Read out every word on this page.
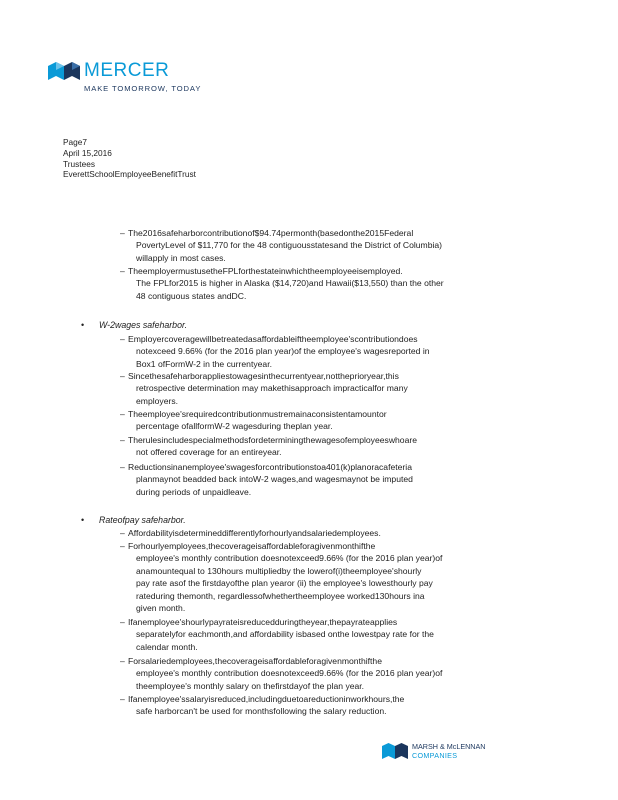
MERCER
MAKE TOMORROW, TODAY
Page7
April 15,2016
Trustees
EverettSchoolEmployeeBenefitTrust
– The2016safeharborcontributionof$94.74permonth(basedonthe2015Federal
PovertyLevel of $11,770 for the 48 contiguousstatesand the District of Columbia)
willapply in most cases.
– TheemployermustusetheFPLforthestateinwhichtheemployeeisemployed.
The FPLfor2015 is higher in Alaska ($14,720)and Hawaii($13,550) than the other
48 contiguous states andDC.
• W-2wages safeharbor.
– Employercoveragewillbetreatedasaffordableiftheemployee'scontributiondoes
notexceed 9.66% (for the 2016 plan year)of the employee's wagesreported in
Box1 ofFormW-2 in the currentyear.
– Sincethesafeharborappliestowagesinthecurrentyear,nottheprioryear,this
retrospective determination may makethisapproach impracticalfor many
employers.
– Theemployee'srequiredcontributionmustremainaconsistentamountor
percentage ofallformW-2 wagesduring theplan year.
– Therulesincludespecialmethodsfordeterminingthewagesofemployeeswhoare
not offered coverage for an entireyear.
– Reductionsinanemployee'swagesforcontributionstoa401(k)planoracafeteria
planmaynot beadded back intoW-2 wages,and wagesmaynot be imputed
during periods of unpaidleave.
• Rateofpay safeharbor.
– Affordabilityisdetermineddifferentlyforhourlyandsalariedemployees.
– Forhourlyemployees,thecoverageisaffordableforagivenmonthifthe
employee's monthly contribution doesnotexceed9.66% (for the 2016 plan year)of
anamountequal to 130hours multipliedby the lowerof(i)theemployee'shourly
pay rate asof the firstdayofthe plan yearor (ii) the employee's lowesthourly pay
rateduring themonth, regardlessofwhethertheemployee worked130hours ina
given month.
– Ifanemployee'shourlypayrateisreducedduringtheyear,thepayrateapplies
separatelyfor eachmonth,and affordability isbased onthe lowestpay rate for the
calendar month.
– Forsalariedemployees,thecoverageisaffordableforagivenmonthifthe
employee's monthly contribution doesnotexceed9.66% (for the 2016 plan year)of
theemployee's monthly salary on thefirstdayof the plan year.
– Ifanemployee'ssalaryisreduced,includingduetoareductioninworkhours,the
safe harborcan't be used for monthsfollowing the salary reduction.
MARSH & McLENNAN
COMPANIES
